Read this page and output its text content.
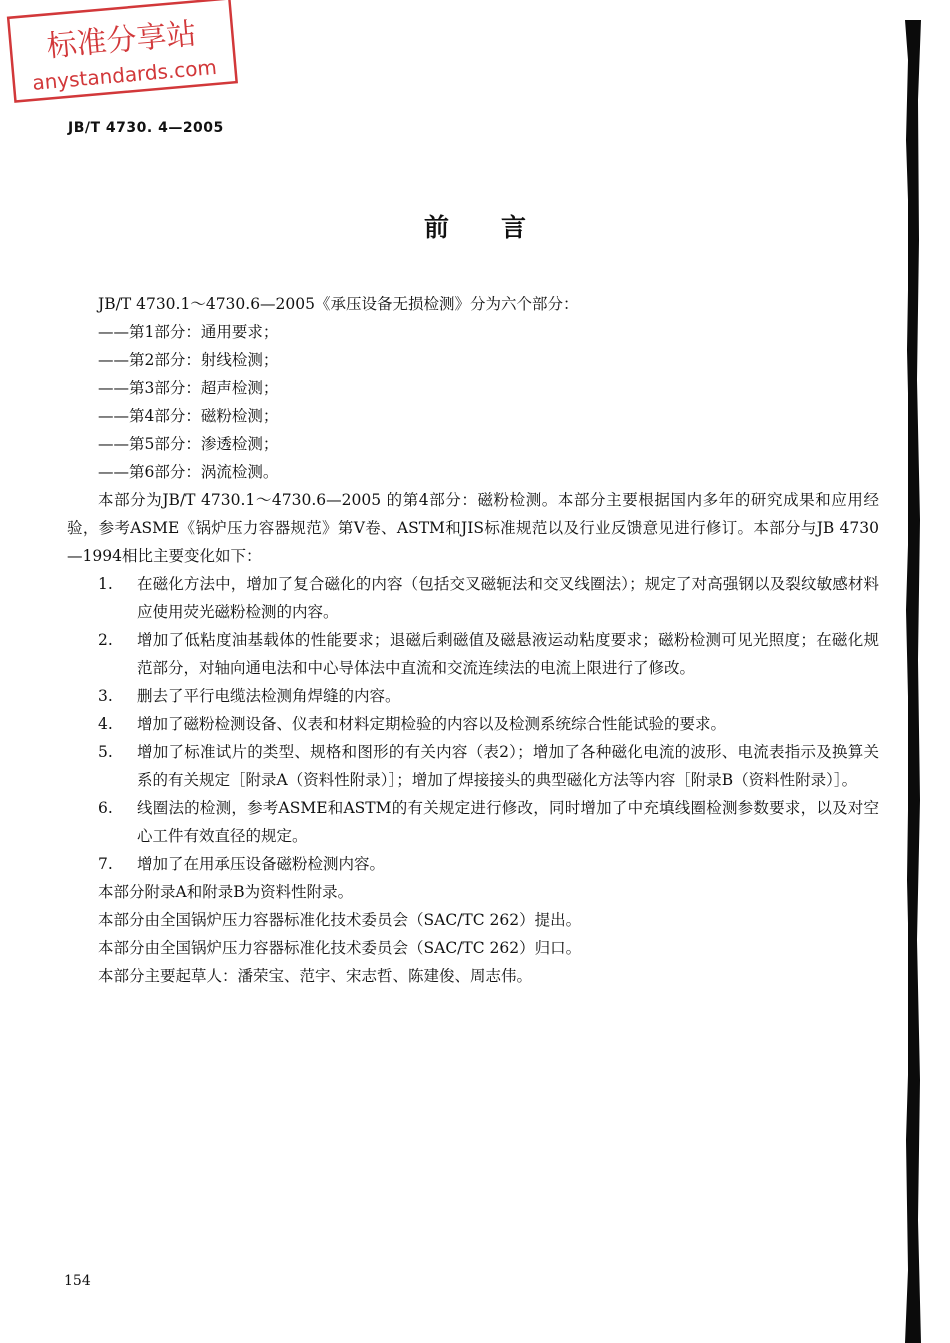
标准分享站
anystandards.com
JB/T 4730. 4—2005
前 言

JB/T 4730.1～4730.6—2005《承压设备无损检测》分为六个部分：

——第1部分：通用要求；
——第2部分：射线检测；
——第3部分：超声检测；
——第4部分：磁粉检测；
——第5部分：渗透检测；
——第6部分：涡流检测。

本部分为JB/T 4730.1～4730.6—2005 的第4部分：磁粉检测。本部分主要根据国内多年的研究成果和应用经验，参考ASME《锅炉压力容器规范》第Ⅴ卷、ASTM和JIS标准规范以及行业反馈意见进行修订。本部分与JB 4730—1994相比主要变化如下：

1. 在磁化方法中，增加了复合磁化的内容（包括交叉磁轭法和交叉线圈法）；规定了对高强钢以及裂纹敏感材料应使用荧光磁粉检测的内容。
2. 增加了低粘度油基载体的性能要求；退磁后剩磁值及磁悬液运动粘度要求；磁粉检测可见光照度；在磁化规范部分，对轴向通电法和中心导体法中直流和交流连续法的电流上限进行了修改。
3. 删去了平行电缆法检测角焊缝的内容。
4. 增加了磁粉检测设备、仪表和材料定期检验的内容以及检测系统综合性能试验的要求。
5. 增加了标准试片的类型、规格和图形的有关内容（表2）；增加了各种磁化电流的波形、电流表指示及换算关系的有关规定［附录A（资料性附录）］；增加了焊接接头的典型磁化方法等内容［附录B（资料性附录）］。
6. 线圈法的检测，参考ASME和ASTM的有关规定进行修改，同时增加了中充填线圈检测参数要求，以及对空心工件有效直径的规定。
7. 增加了在用承压设备磁粉检测内容。

本部分附录A和附录B为资料性附录。

本部分由全国锅炉压力容器标准化技术委员会（SAC/TC 262）提出。

本部分由全国锅炉压力容器标准化技术委员会（SAC/TC 262）归口。

本部分主要起草人：潘荣宝、范宇、宋志哲、陈建俊、周志伟。

154
